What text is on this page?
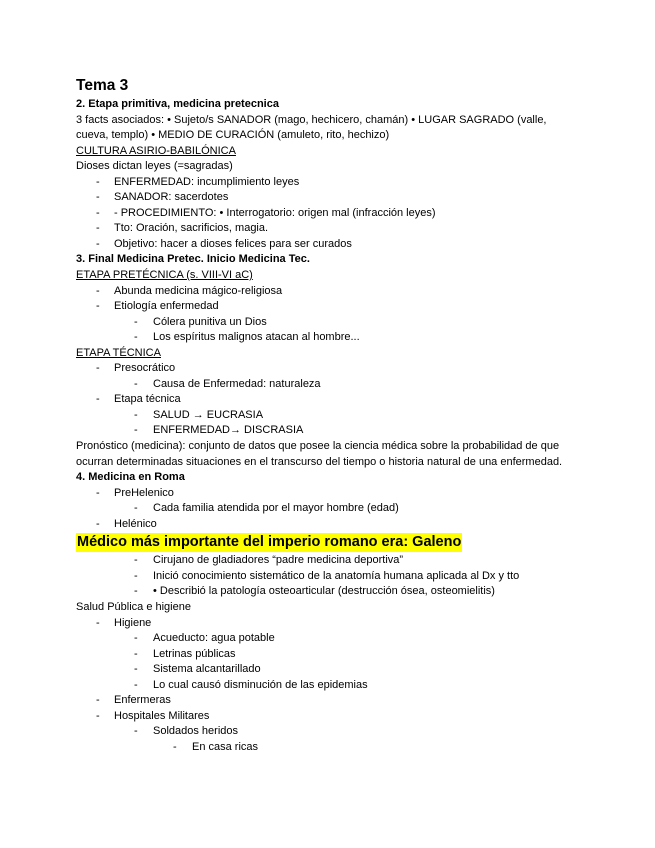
Tema 3
2. Etapa primitiva, medicina pretecnica
3 facts asociados: • Sujeto/s SANADOR (mago, hechicero, chamán) • LUGAR SAGRADO (valle, cueva, templo) • MEDIO DE CURACIÓN (amuleto, rito, hechizo)
CULTURA ASIRIO-BABILÓNICA
Dioses dictan leyes (=sagradas)
-	ENFERMEDAD: incumplimiento leyes
-	SANADOR: sacerdotes
-	- PROCEDIMIENTO: • Interrogatorio: origen mal (infracción leyes)
-	Tto: Oración, sacrificios, magia.
-	Objetivo: hacer a dioses felices para ser curados
3. Final Medicina Pretec. Inicio Medicina Tec.
ETAPA PRETÉCNICA (s. VIII-VI aC)
-	Abunda medicina mágico-religiosa
-	Etiología enfermedad
-	Cólera punitiva un Dios
-	Los espíritus malignos atacan al hombre...
ETAPA TÉCNICA
-	Presocrático
-	Causa de Enfermedad: naturaleza
-	Etapa técnica
-	SALUD → EUCRASIA
-	ENFERMEDAD→ DISCRASIA
Pronóstico (medicina): conjunto de datos que posee la ciencia médica sobre la probabilidad de que ocurran determinadas situaciones en el transcurso del tiempo o historia natural de una enfermedad.
4. Medicina en Roma
-	PreHelenico
-	Cada familia atendida por el mayor hombre (edad)
-	Helénico
Médico más importante del imperio romano era: Galeno
-	Cirujano de gladiadores “padre medicina deportiva”
-	Inició conocimiento sistemático de la anatomía humana aplicada al Dx y tto
-	• Describió la patología osteoarticular (destrucción ósea, osteomielitis)
Salud Pública e higiene
-	Higiene
-	Acueducto: agua potable
-	Letrinas públicas
-	Sistema alcantarillado
-	Lo cual causó disminución de las epidemias
-	Enfermeras
-	Hospitales Militares
-	Soldados heridos
-	En casa ricas
